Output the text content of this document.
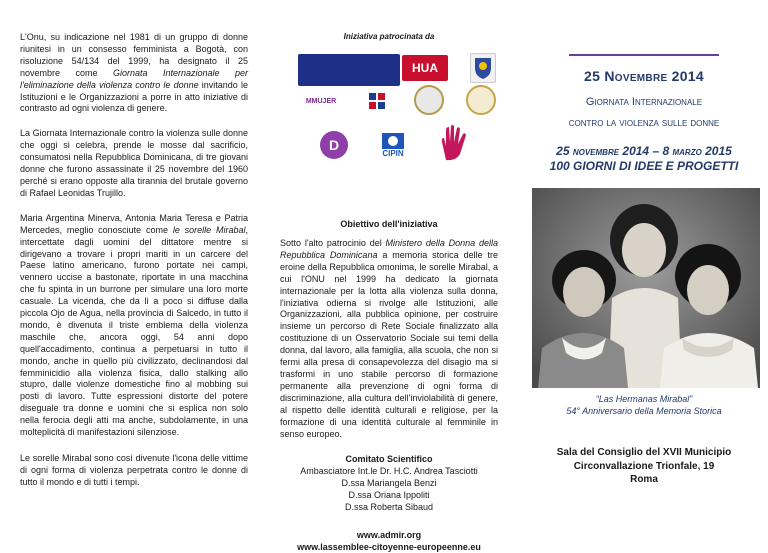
L'Onu, su indicazione nel 1981 di un gruppo di donne riunitesi in un consesso femminista a Bogotà, con risoluzione 54/134 del 1999, ha designato il 25 novembre come Giornata Internazionale per l'eliminazione della violenza contro le donne invitando le Istituzioni e le Organizzazioni a porre in atto iniziative di contrasto ad ogni violenza di genere.

La Giornata Internazionale contro la violenza sulle donne che oggi si celebra, prende le mosse dal sacrificio, consumatosi nella Repubblica Dominicana, di tre giovani donne che furono assassinate il 25 novembre del 1960 perché si erano opposte alla tirannia del brutale governo di Rafael Leonidas Trujillo.

Maria Argentina Minerva, Antonia Maria Teresa e Patria Mercedes, meglio conosciute come le sorelle Mirabal, intercettate dagli uomini del dittatore mentre si dirigevano a trovare i propri mariti in un carcere del Paese latino americano, furono portate nei campi, vennero uccise a bastonate, riportate in una macchina che fu spinta in un burrone per simulare una loro morte casuale. La vicenda, che da lì a poco si diffuse dalla piccola Ojo de Agua, nella provincia di Salcedo, in tutto il mondo, è divenuta il triste emblema della violenza maschile che, ancora oggi, 54 anni dopo quell'accadimento, continua a perpetuarsi in tutto il mondo, anche in quello più civilizzato, declinandosi dal femminicidio alla violenza fisica, dallo stalking allo stupro, dalle violenze domestiche fino al mobbing sui posti di lavoro. Tutte espressioni distorte del potere diseguale tra donne e uomini che si esplica non solo nella ferocia degli atti ma anche, subdolamente, in una molteplicità di manifestazioni silenziose.

Le sorelle Mirabal sono così divenute l'icona delle vittime di ogni forma di violenza perpetrata contro le donne di tutto il mondo e di tutti i tempi.

Iniziativa patrocinata da

HUA
MMUJER
D	CIPIN

Obiettivo dell'iniziativa

Sotto l'alto patrocinio del Ministero della Donna della Repubblica Dominicana a memoria storica delle tre eroine della Repubblica omonima, le sorelle Mirabal, a cui l'ONU nel 1999 ha dedicato la giornata internazionale per la lotta alla violenza sulla donna, l'iniziativa odierna si rivolge alle Istituzioni, alle Organizzazioni, alla pubblica opinione, per costruire insieme un percorso di Rete Sociale finalizzato alla costituzione di un Osservatorio Sociale sui temi della donna, dal lavoro, alla famiglia, alla scuola, che non si fermi alla presa di consapevolezza del disagio ma si trasformi in uno stabile percorso di formazione permanente alla prevenzione di ogni forma di discriminazione, alla cultura dell'inviolabilità di genere, al rispetto delle identità culturali e religiose, per la formazione di una identità culturale al femminile in senso europeo.

Comitato Scientifico
Ambasciatore Int.le Dr. H.C. Andrea Tasciotti
D.ssa Mariangela Benzi
D.ssa Oriana Ippoliti
D.ssa Roberta Sibaud
www.admir.org
www.lassemblee-citoyenne-europeenne.eu
25 Novembre 2014
Giornata Internazionale
contro la violenza sulle donne
25 novembre 2014 – 8 marzo 2015
100 GIORNI DI IDEE E PROGETTI
“Las Hermanas Mirabal”
54° Anniversario della Memoria Storica
Sala del Consiglio del XVII Municipio
Circonvallazione Trionfale, 19
Roma
